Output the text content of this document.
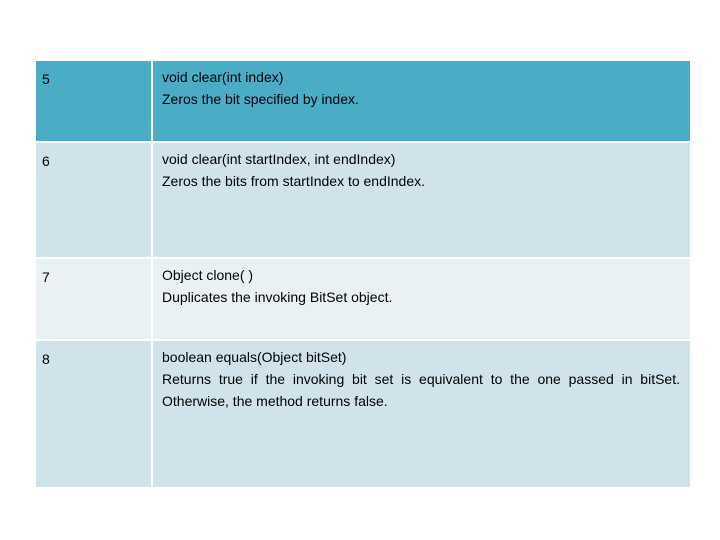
5	void clear(int index)
Zeros the bit specified by index.
6	void clear(int startIndex, int endIndex)
Zeros the bits from startIndex to endIndex.
7	Object clone( )
Duplicates the invoking BitSet object.
8	boolean equals(Object bitSet)
Returns true if the invoking bit set is equivalent to the one passed in bitSet. Otherwise, the method returns false.
